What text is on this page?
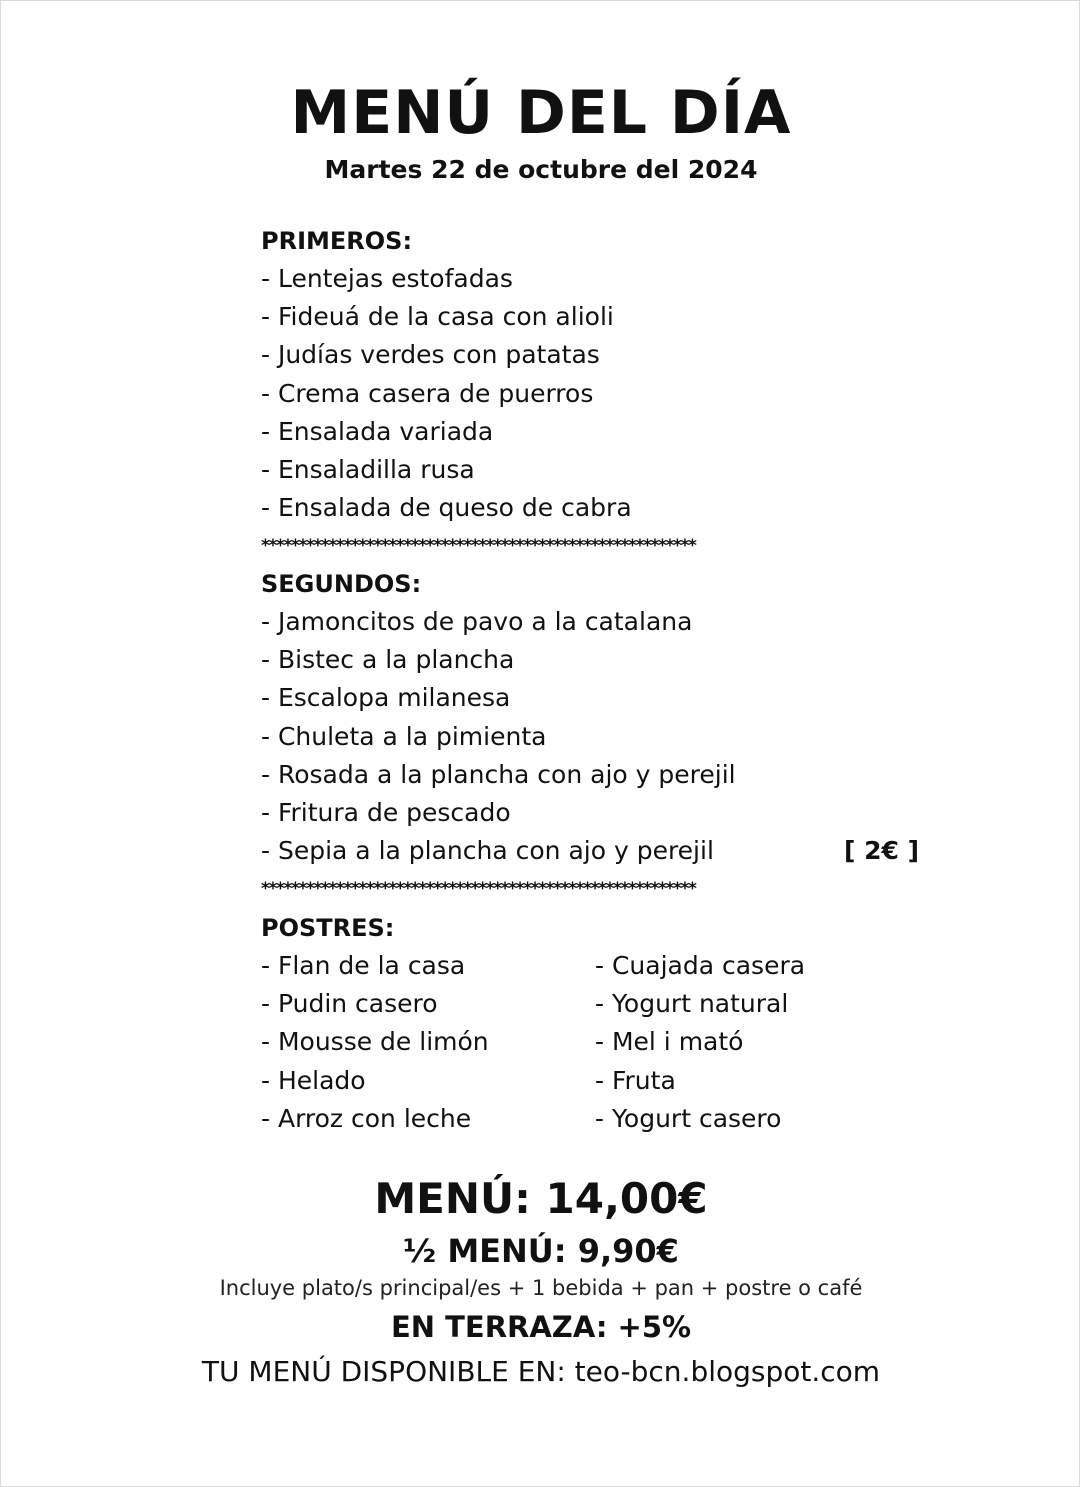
MENÚ DEL DÍA
Martes 22 de octubre del 2024
PRIMEROS:
- Lentejas estofadas
- Fideuá de la casa con alioli
- Judías verdes con patatas
- Crema casera de puerros
- Ensalada variada
- Ensaladilla rusa
- Ensalada de queso de cabra
**********************************************************
SEGUNDOS:
- Jamoncitos de pavo a la catalana
- Bistec a la plancha
- Escalopa milanesa
- Chuleta a la pimienta
- Rosada a la plancha con ajo y perejil
- Fritura de pescado
- Sepia a la plancha con ajo y perejil	[ 2€ ]
**********************************************************
POSTRES:
- Flan de la casa
- Pudin casero
- Mousse de limón
- Helado
- Arroz con leche
- Cuajada casera
- Yogurt natural
- Mel i mató
- Fruta
- Yogurt casero
MENÚ: 14,00€
½ MENÚ: 9,90€
Incluye plato/s principal/es + 1 bebida + pan + postre o café
EN TERRAZA: +5%
TU MENÚ DISPONIBLE EN: teo-bcn.blogspot.com
